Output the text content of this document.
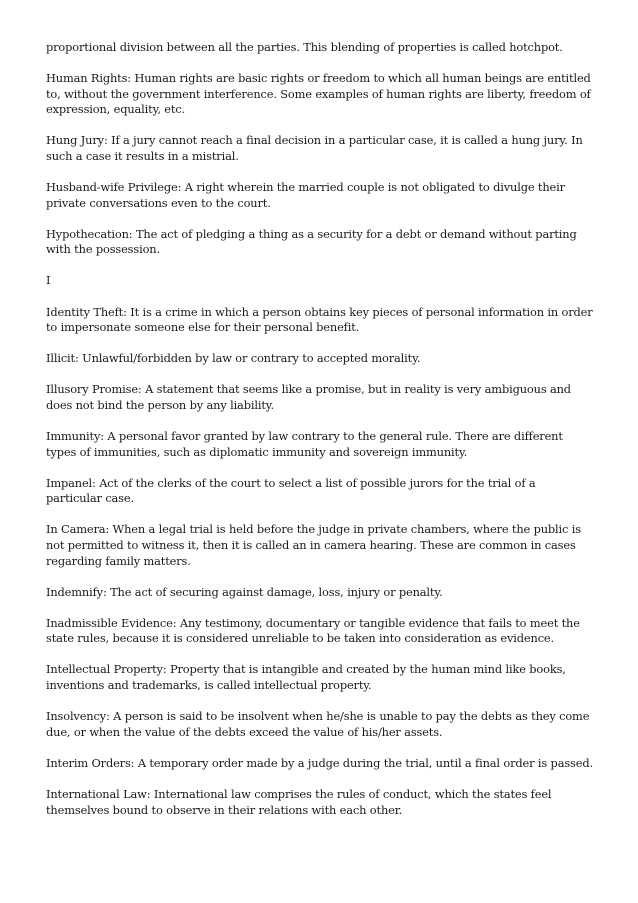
proportional division between all the parties. This blending of properties is called hotchpot.

Human Rights: Human rights are basic rights or freedom to which all human beings are entitled to, without the government interference. Some examples of human rights are liberty, freedom of expression, equality, etc.

Hung Jury: If a jury cannot reach a final decision in a particular case, it is called a hung jury. In such a case it results in a mistrial.

Husband-wife Privilege: A right wherein the married couple is not obligated to divulge their private conversations even to the court.

Hypothecation: The act of pledging a thing as a security for a debt or demand without parting with the possession.

I

Identity Theft: It is a crime in which a person obtains key pieces of personal information in order to impersonate someone else for their personal benefit.

Illicit: Unlawful/forbidden by law or contrary to accepted morality.

Illusory Promise: A statement that seems like a promise, but in reality is very ambiguous and does not bind the person by any liability.

Immunity: A personal favor granted by law contrary to the general rule. There are different types of immunities, such as diplomatic immunity and sovereign immunity.

Impanel: Act of the clerks of the court to select a list of possible jurors for the trial of a particular case.

In Camera: When a legal trial is held before the judge in private chambers, where the public is not permitted to witness it, then it is called an in camera hearing. These are common in cases regarding family matters.

Indemnify: The act of securing against damage, loss, injury or penalty.

Inadmissible Evidence: Any testimony, documentary or tangible evidence that fails to meet the state rules, because it is considered unreliable to be taken into consideration as evidence.

Intellectual Property: Property that is intangible and created by the human mind like books, inventions and trademarks, is called intellectual property.

Insolvency: A person is said to be insolvent when he/she is unable to pay the debts as they come due, or when the value of the debts exceed the value of his/her assets.

Interim Orders: A temporary order made by a judge during the trial, until a final order is passed.

International Law: International law comprises the rules of conduct, which the states feel themselves bound to observe in their relations with each other.
